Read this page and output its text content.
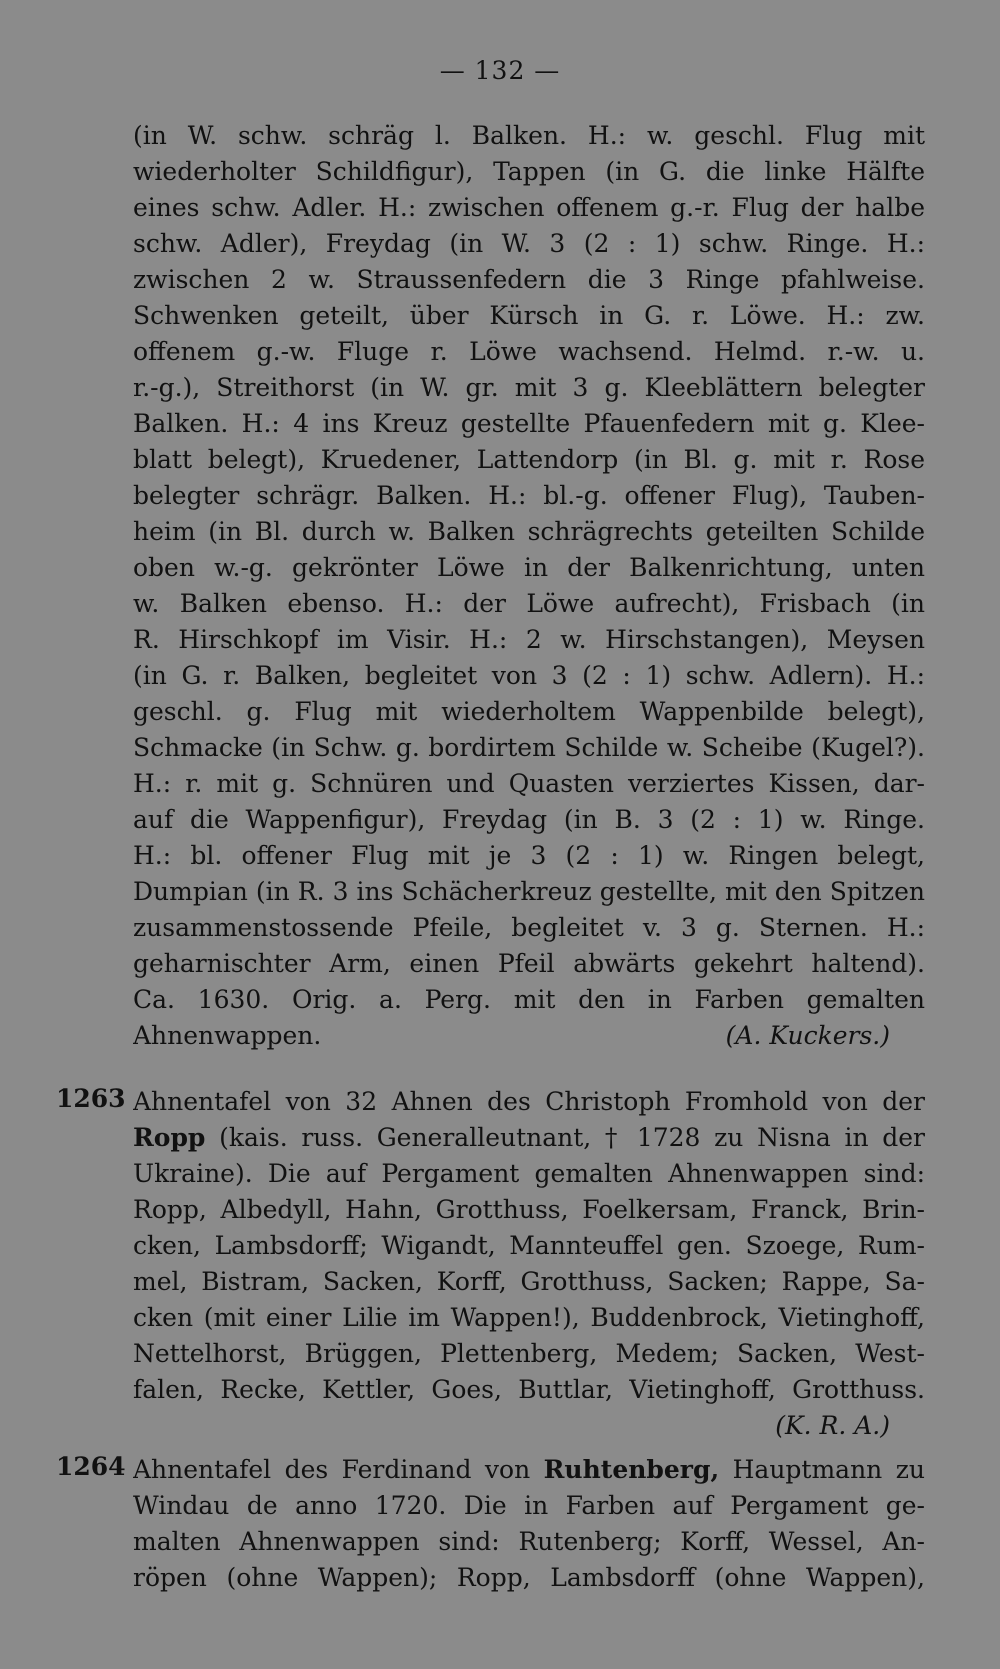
— 132 —
(in W. schw. schräg l. Balken. H.: w. geschl. Flug mit
wiederholter Schildfigur), Tappen (in G. die linke Hälfte
eines schw. Adler. H.: zwischen offenem g.-r. Flug der halbe
schw. Adler), Freydag (in W. 3 (2 : 1) schw. Ringe. H.:
zwischen 2 w. Straussenfedern die 3 Ringe pfahlweise.
Schwenken geteilt, über Kürsch in G. r. Löwe. H.: zw.
offenem g.-w. Fluge r. Löwe wachsend. Helmd. r.-w. u.
r.-g.), Streithorst (in W. gr. mit 3 g. Kleeblättern belegter
Balken. H.: 4 ins Kreuz gestellte Pfauenfedern mit g. Klee-
blatt belegt), Kruedener, Lattendorp (in Bl. g. mit r. Rose
belegter schrägr. Balken. H.: bl.-g. offener Flug), Tauben-
heim (in Bl. durch w. Balken schrägrechts geteilten Schilde
oben w.-g. gekrönter Löwe in der Balkenrichtung, unten
w. Balken ebenso. H.: der Löwe aufrecht), Frisbach (in
R. Hirschkopf im Visir. H.: 2 w. Hirschstangen), Meysen
(in G. r. Balken, begleitet von 3 (2 : 1) schw. Adlern). H.:
geschl. g. Flug mit wiederholtem Wappenbilde belegt),
Schmacke (in Schw. g. bordirtem Schilde w. Scheibe (Kugel?).
H.: r. mit g. Schnüren und Quasten verziertes Kissen, dar-
auf die Wappenfigur), Freydag (in B. 3 (2 : 1) w. Ringe.
H.: bl. offener Flug mit je 3 (2 : 1) w. Ringen belegt,
Dumpian (in R. 3 ins Schächerkreuz gestellte, mit den Spitzen
zusammenstossende Pfeile, begleitet v. 3 g. Sternen. H.:
geharnischter Arm, einen Pfeil abwärts gekehrt haltend).
Ca. 1630. Orig. a. Perg. mit den in Farben gemalten
Ahnenwappen.	(A. Kuckers.)
1263 Ahnentafel von 32 Ahnen des Christoph Fromhold von der
Ropp (kais. russ. Generalleutnant, † 1728 zu Nisna in der
Ukraine). Die auf Pergament gemalten Ahnenwappen sind:
Ropp, Albedyll, Hahn, Grotthuss, Foelkersam, Franck, Brin-
cken, Lambsdorff; Wigandt, Mannteuffel gen. Szoege, Rum-
mel, Bistram, Sacken, Korff, Grotthuss, Sacken; Rappe, Sa-
cken (mit einer Lilie im Wappen!), Buddenbrock, Vietinghoff,
Nettelhorst, Brüggen, Plettenberg, Medem; Sacken, West-
falen, Recke, Kettler, Goes, Buttlar, Vietinghoff, Grotthuss.
(K. R. A.)
1264 Ahnentafel des Ferdinand von Ruhtenberg, Hauptmann zu
Windau de anno 1720. Die in Farben auf Pergament ge-
malten Ahnenwappen sind: Rutenberg; Korff, Wessel, An-
röpen (ohne Wappen); Ropp, Lambsdorff (ohne Wappen),
